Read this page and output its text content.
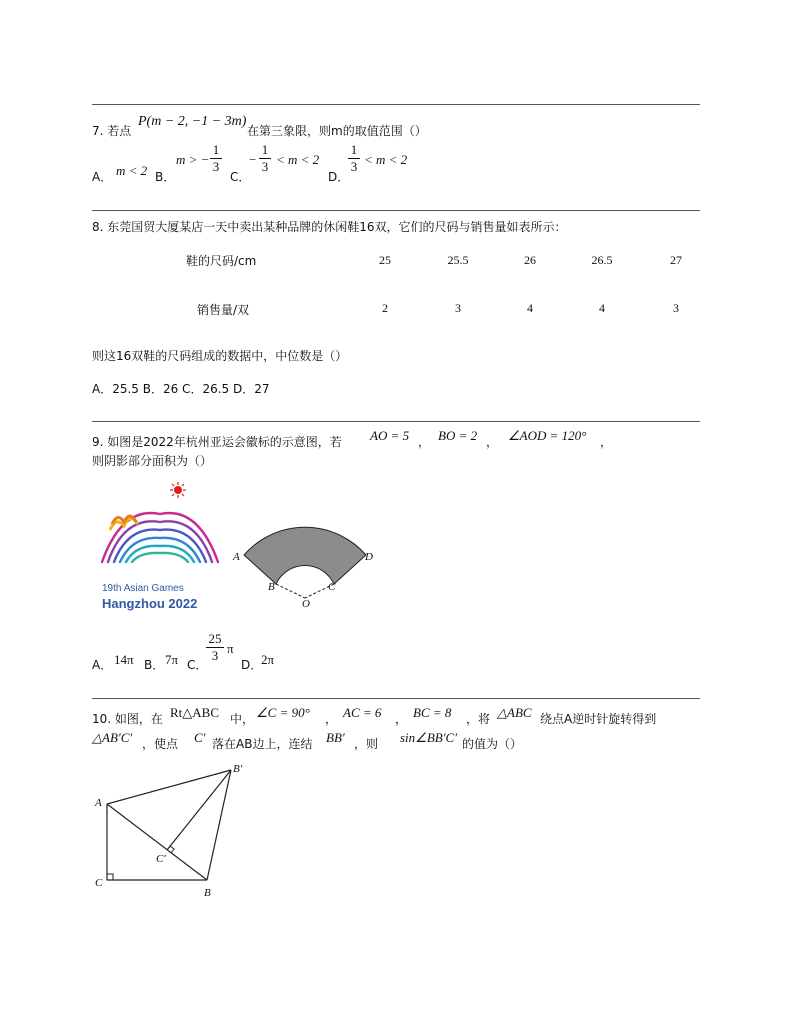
7. 若点
P(m − 2, −1 − 3m)
在第三象限，则m的取值范围（）
A． m < 2 B．
m > −
1
3
C．
−
1
3 < m < 2
D．
1
3 < m < 2
8. 东莞国贸大厦某店一天中卖出某种品牌的休闲鞋16双，它们的尺码与销售量如表所示：
鞋的尺码/cm	25	25.5	26	26.5	27
销售量/双	2	3	4	4	3
则这16双鞋的尺码组成的数据中，中位数是（）
A．25.5 B．26 C．26.5 D．27
9. 如图是2022年杭州亚运会徽标的示意图，若 AO = 5 ， BO = 2 ， ∠AOD = 120° ，
则阴影部分面积为（）
19th Asian Games
Hangzhou 2022
A
B	C
D
O
A． 14π B． 7π C．
25
3 π
D．
2π
10. 如图，在 Rt△ABC 中， ∠C = 90° ， AC = 6 ， BC = 8 ，将 △ABC 绕点A逆时针旋转得到
△AB′C′ ，使点 C′ 落在AB边上，连结 BB′ ，则 sin∠BB′C′ 的值为（）
A
C
B
B′
C′
